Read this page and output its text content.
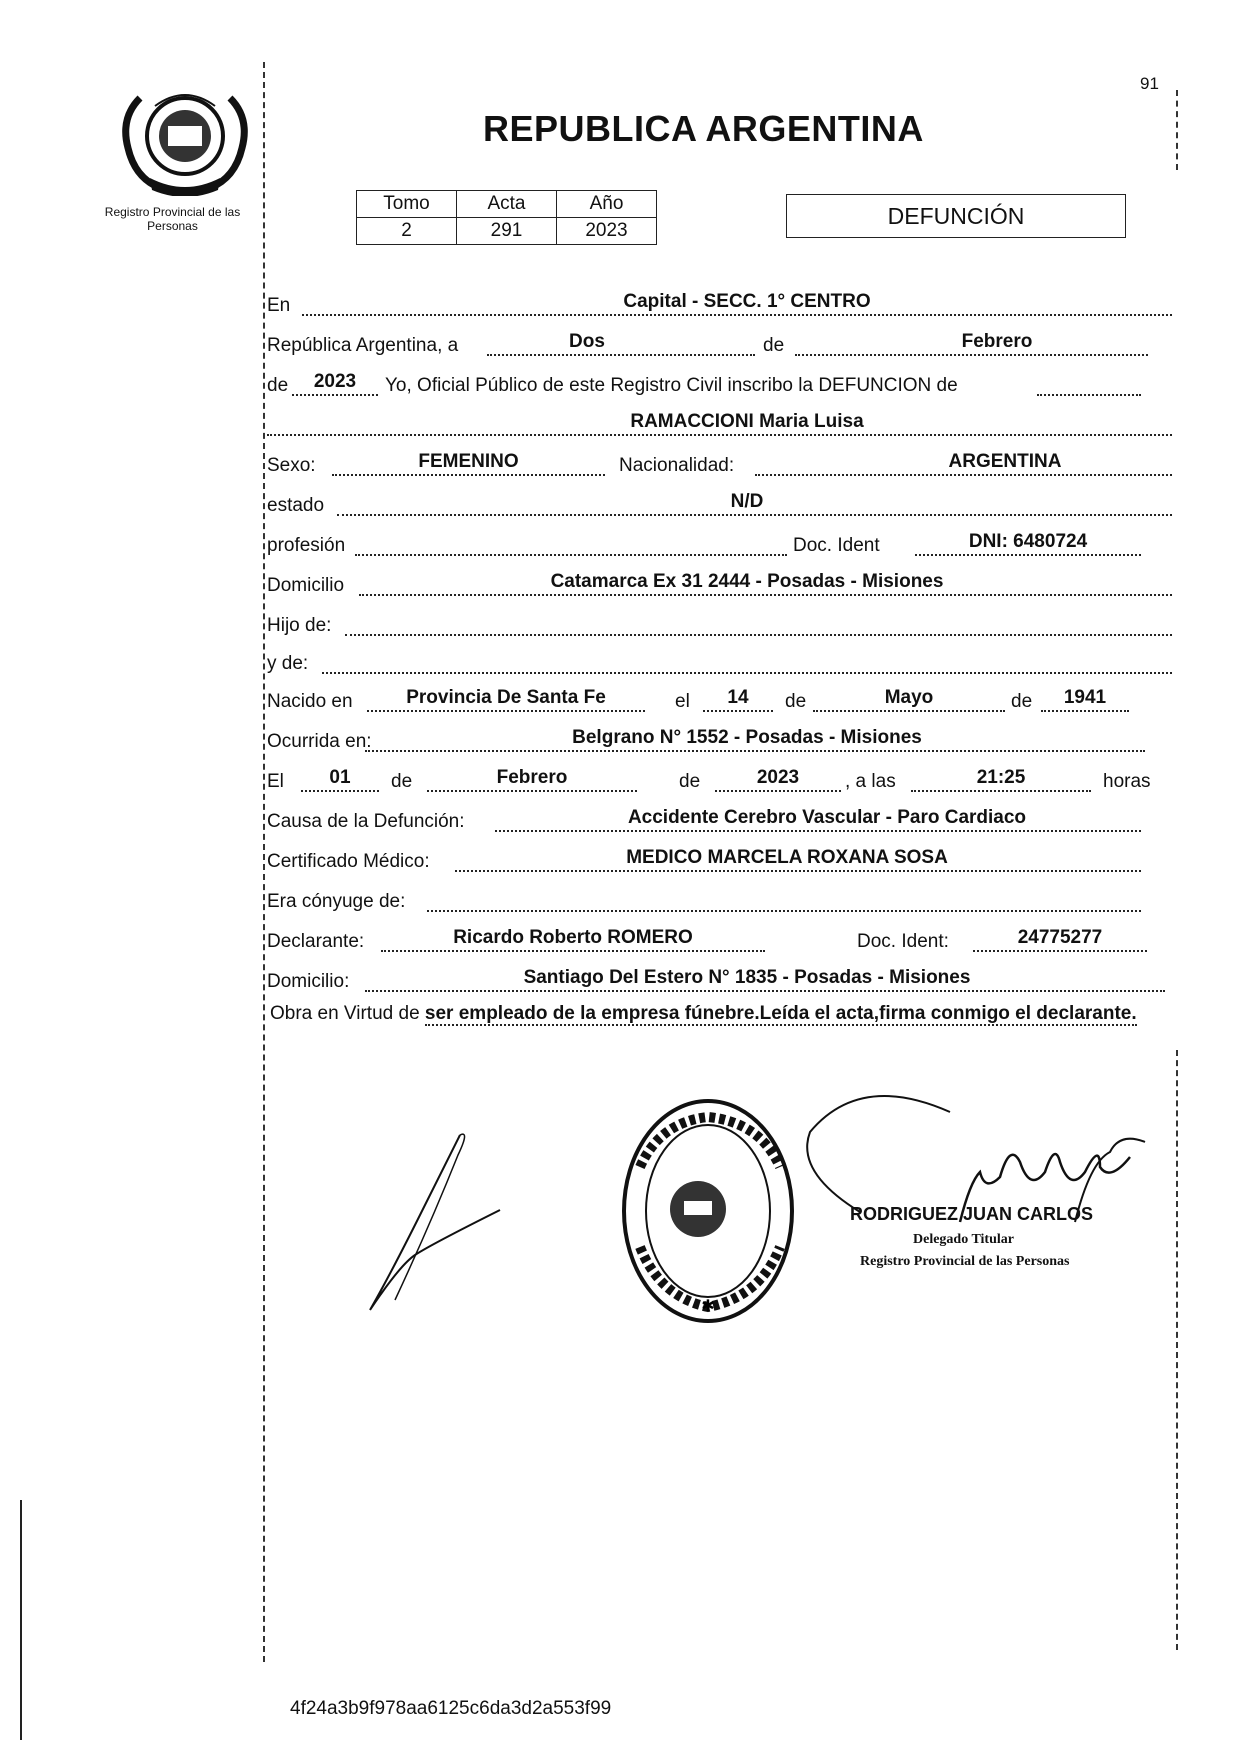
91
Registro Provincial de las Personas
REPUBLICA ARGENTINA
Tomo	Acta	Año
2	291	2023
DEFUNCIÓN
En	Capital - SECC. 1° CENTRO
República Argentina, a	Dos	de	Febrero
de	2023	Yo, Oficial Público de este Registro Civil inscribo la DEFUNCION de
RAMACCIONI Maria Luisa
Sexo:	FEMENINO	Nacionalidad:	ARGENTINA
estado	N/D
profesión	Doc. Ident	DNI: 6480724
Domicilio	Catamarca Ex 31 2444 - Posadas - Misiones
Hijo de:
y de:
Nacido en	Provincia De Santa Fe	el	14	de	Mayo	de	1941
Ocurrida en:	Belgrano N° 1552 - Posadas - Misiones
El	01	de	Febrero	de	2023	, a las	21:25	horas
Causa de la Defunción:	Accidente Cerebro Vascular - Paro Cardiaco
Certificado Médico:	MEDICO MARCELA ROXANA SOSA
Era cónyuge de:
Declarante:	Ricardo Roberto ROMERO	Doc. Ident:	24775277
Domicilio:	Santiago Del Estero N° 1835 - Posadas - Misiones
Obra en Virtud de ser empleado de la empresa fúnebre.Leída el acta,firma conmigo el declarante.
✱
RODRIGUEZ JUAN CARLOS
Delegado Titular
Registro Provincial de las Personas
4f24a3b9f978aa6125c6da3d2a553f99
